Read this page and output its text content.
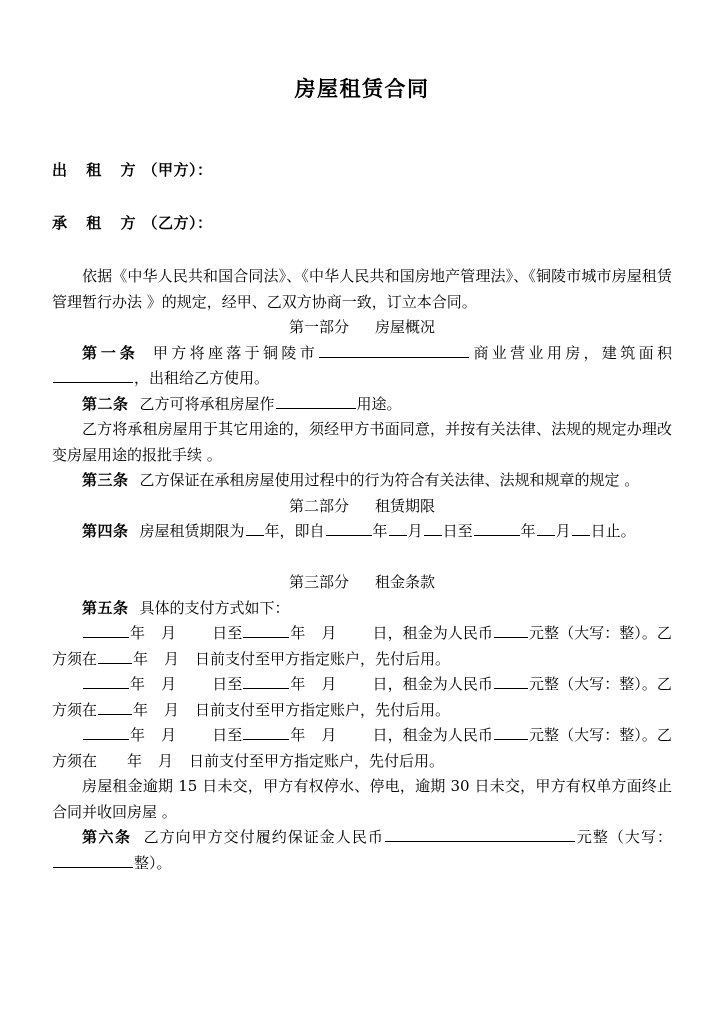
房屋租赁合同

出 租 方（甲方）：

承 租 方（乙方）：

依据《中华人民共和国合同法》、《中华人民共和国房地产管理法》、《铜陵市城市房屋租赁管理暂行办法 》的规定，经甲、乙双方协商一致，订立本合同。

第一部分 房屋概况

第一条 甲方将座落于铜陵市	商业营业用房，建筑面积，出租给乙方使用。

第二条 乙方可将承租房屋作	用途。

乙方将承租房屋用于其它用途的，须经甲方书面同意，并按有关法律、法规的规定办理改变房屋用途的报批手续 。

第三条 乙方保证在承租房屋使用过程中的行为符合有关法律、法规和规章的规定 。

第二部分 租赁期限

第四条 房屋租赁期限为 年，即自	年 月 日至	年 月 日止。

第三部分 租金条款

第五条 具体的支付方式如下：

年 月 日至	年 月 日，租金为人民币 元整（大写：整）。乙方须在 年 月 日前支付至甲方指定账户，先付后用。

年 月 日至	年 月 日，租金为人民币 元整（大写：整）。乙方须在 年 月 日前支付至甲方指定账户，先付后用。

年 月 日至	年 月 日，租金为人民币 元整（大写：整）。乙方须在 年 月 日前支付至甲方指定账户，先付后用。

房屋租金逾期 15 日未交，甲方有权停水、停电，逾期 30 日未交，甲方有权单方面终止合同并收回房屋 。

第六条 乙方向甲方交付履约保证金人民币	元整（大写：整）。
